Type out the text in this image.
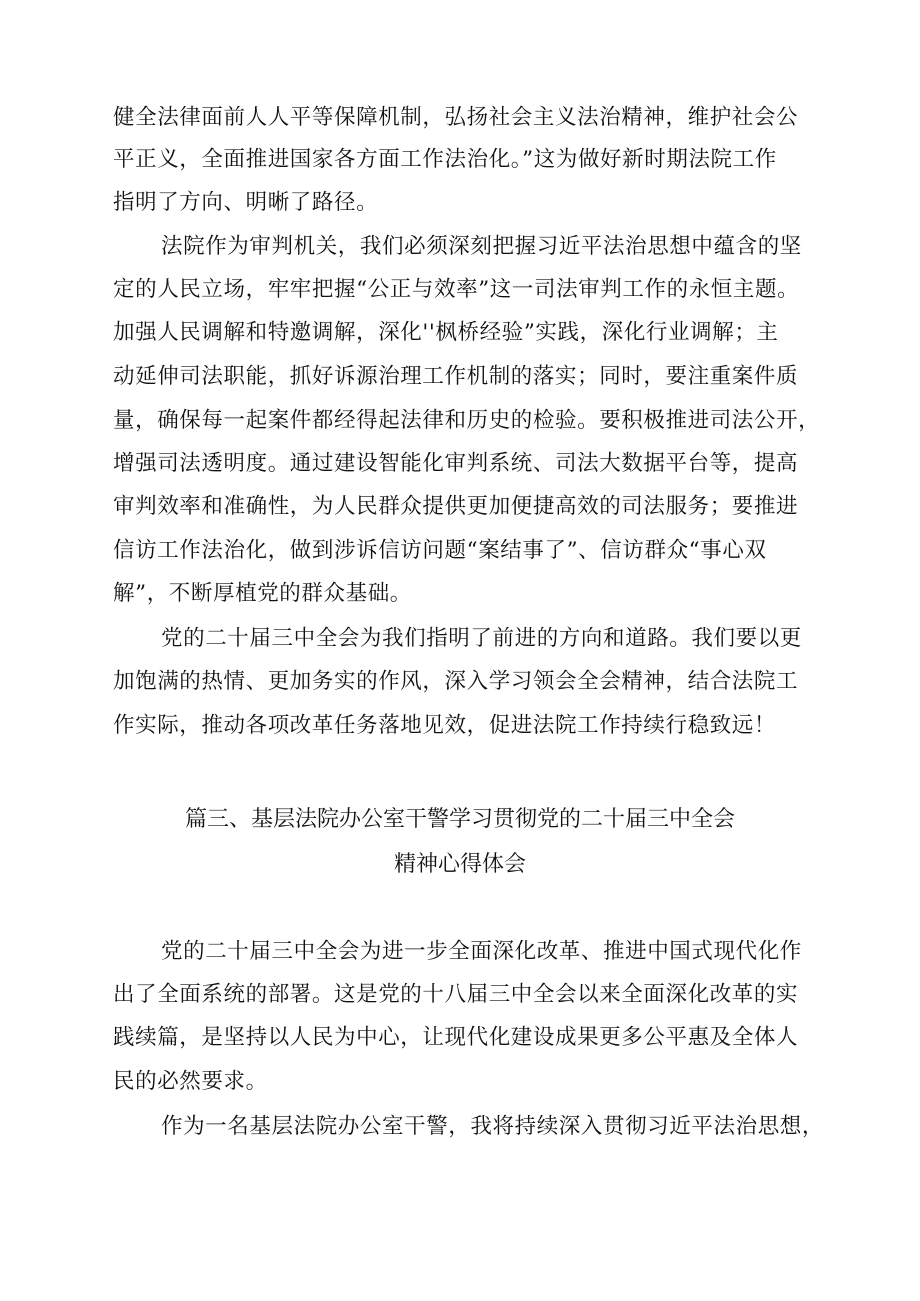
健全法律面前人人平等保障机制，弘扬社会主义法治精神，维护社会公
平正义，全面推进国家各方面工作法治化。”这为做好新时期法院工作
指明了方向、明晰了路径。
法院作为审判机关，我们必须深刻把握习近平法治思想中蕴含的坚
定的人民立场，牢牢把握“公正与效率”这一司法审判工作的永恒主题。
加强人民调解和特邀调解，深化''枫桥经验”实践，深化行业调解；主
动延伸司法职能，抓好诉源治理工作机制的落实；同时，要注重案件质
量，确保每一起案件都经得起法律和历史的检验。要积极推进司法公开，
增强司法透明度。通过建设智能化审判系统、司法大数据平台等，提高
审判效率和准确性，为人民群众提供更加便捷高效的司法服务；要推进
信访工作法治化，做到涉诉信访问题“案结事了”、信访群众“事心双
解”，不断厚植党的群众基础。
党的二十届三中全会为我们指明了前进的方向和道路。我们要以更
加饱满的热情、更加务实的作风，深入学习领会全会精神，结合法院工
作实际，推动各项改革任务落地见效，促进法院工作持续行稳致远！
篇三、基层法院办公室干警学习贯彻党的二十届三中全会
精神心得体会
党的二十届三中全会为进一步全面深化改革、推进中国式现代化作
出了全面系统的部署。这是党的十八届三中全会以来全面深化改革的实
践续篇，是坚持以人民为中心，让现代化建设成果更多公平惠及全体人
民的必然要求。
作为一名基层法院办公室干警，我将持续深入贯彻习近平法治思想，
